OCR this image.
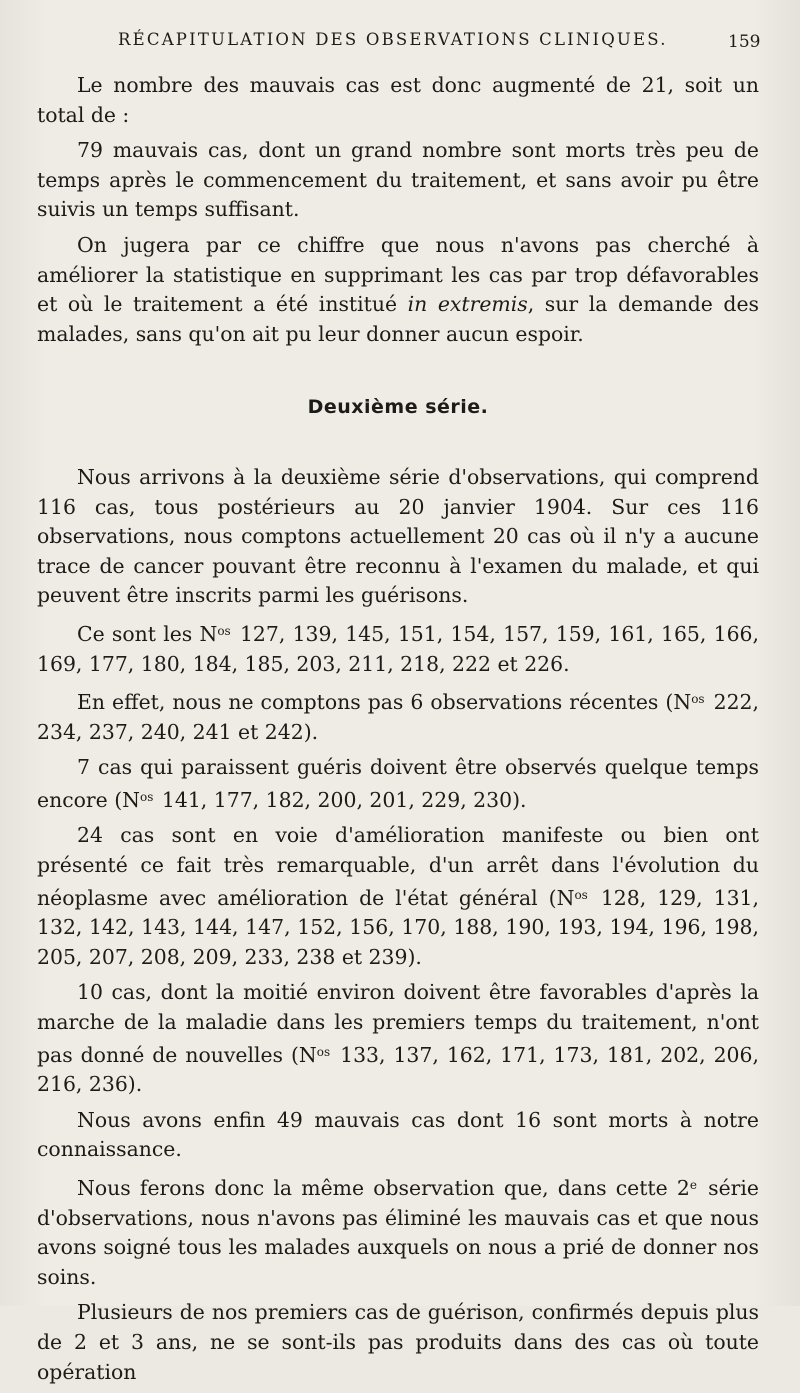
RÉCAPITULATION DES OBSERVATIONS CLINIQUES.	159

Le nombre des mauvais cas est donc augmenté de 21, soit un total de :

79 mauvais cas, dont un grand nombre sont morts très peu de temps après le commencement du traitement, et sans avoir pu être suivis un temps suffisant.

On jugera par ce chiffre que nous n'avons pas cherché à améliorer la statistique en supprimant les cas par trop défavorables et où le traitement a été institué in extremis, sur la demande des malades, sans qu'on ait pu leur donner aucun espoir.

Deuxième série.

Nous arrivons à la deuxième série d'observations, qui comprend 116 cas, tous postérieurs au 20 janvier 1904. Sur ces 116 observations, nous comptons actuellement 20 cas où il n'y a aucune trace de cancer pouvant être reconnu à l'examen du malade, et qui peuvent être inscrits parmi les guérisons.

Ce sont les $N^{os}$ 127, 139, 145, 151, 154, 157, 159, 161, 165, 166, 169, 177, 180, 184, 185, 203, 211, 218, 222 et 226.

En effet, nous ne comptons pas 6 observations récentes ($N^{os}$ 222, 234, 237, 240, 241 et 242).

7 cas qui paraissent guéris doivent être observés quelque temps encore ($N^{os}$ 141, 177, 182, 200, 201, 229, 230).

24 cas sont en voie d'amélioration manifeste ou bien ont présenté ce fait très remarquable, d'un arrêt dans l'évolution du néoplasme avec amélioration de l'état général ($N^{os}$ 128, 129, 131, 132, 142, 143, 144, 147, 152, 156, 170, 188, 190, 193, 194, 196, 198, 205, 207, 208, 209, 233, 238 et 239).

10 cas, dont la moitié environ doivent être favorables d'après la marche de la maladie dans les premiers temps du traitement, n'ont pas donné de nouvelles ($N^{os}$ 133, 137, 162, 171, 173, 181, 202, 206, 216, 236).

Nous avons enfin 49 mauvais cas dont 16 sont morts à notre connaissance.

Nous ferons donc la même observation que, dans cette 2e série d'observations, nous n'avons pas éliminé les mauvais cas et que nous avons soigné tous les malades auxquels on nous a prié de donner nos soins.

Plusieurs de nos premiers cas de guérison, confirmés depuis plus de 2 et 3 ans, ne se sont-ils pas produits dans des cas où toute opération
